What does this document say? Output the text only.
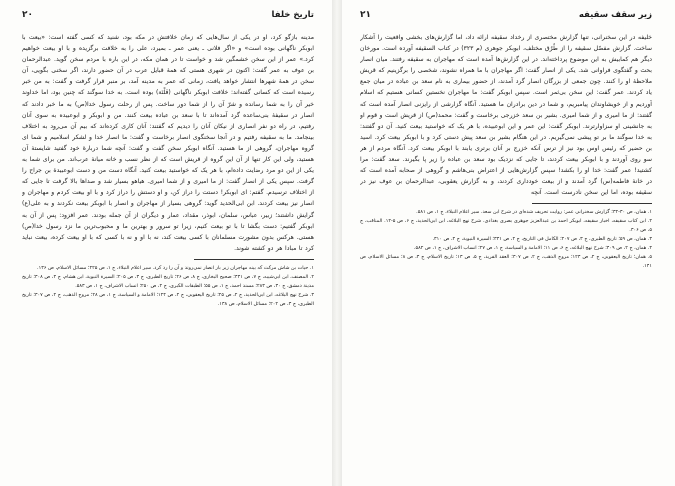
۲۰	تاریخ خلفا

مدینه بازگو کرد، او در یکی از سال‌هایی که زمان خلافتش در مکه بود، شنید که کسی گفته است: «بیعت با ابوبکر ناگهانی بوده است» و «اگر فلانی ـ یعنی عمر ـ بمیرد، علی را به خلافت برگزیده و با او بیعت خواهیم کرد.» عمر از این سخن خشمگین شد و خواست تا در همان مکه، در این باره با مردم سخن گوید. عبدالرحمان بن عوف به عمر گفت: اکنون در شهری هستی که همهٔ قبایل عرب در آن حضور دارند، اگر سخنی بگویی، آن سخن در همهٔ شهرها انتشار خواهد یافت، زمانی که عمر به مدینه آمد، بر منبر قرار گرفت و گفت: به من خبر رسیده است که کسانی گفته‌اند: خلافت ابوبکر ناگهانی (فَلْتَة) بوده است. به خدا سوگند که چنین بود، اما خداوند خیر آن را به شما رسانده و شرّ آن را از شما دور ساخت. پس از رحلت رسول خدا(ص) به ما خبر دادند که انصار در سقیفهٔ بنی‌ساعده گرد آمده‌اند تا با سعد بن عباده بیعت کنند. من و ابوبکر و ابوعبیده به سوی آنان رفتیم، در راه دو نفر انصاری از نیکان آنان را دیدیم که گفتند: آنان کاری کرده‌اند که بیم آن می‌رود به اختلاف بینجامد. ما به سقیفه رفتیم و در آنجا سخنگوی انصار برخاست و گفت: ما انصار خدا و لشکر اسلامیم و شما ای گروه مهاجران، گروهی از ما هستید. آنگاه ابوبکر سخن گفت و گفت: آنچه شما دربارهٔ خود گفتید شایستهٔ آن هستید، ولی این کار تنها از آن این گروه از قریش است که از نظر نسب و خانه میانهٔ عرب‌اند. من برای شما به یکی از این دو مرد رضایت داده‌ام، با هر یک که خواستید بیعت کنید. آنگاه دست من و دست ابوعبیدة بن جراح را گرفت. سپس یکی از انصار گفت: از ما امیری و از شما امیری. هیاهو بسیار شد و صداها بالا گرفت تا جایی که از اختلاف ترسیدم. گفتم: ای ابوبکر! دستت را دراز کن، و او دستش را دراز کرد و با او بیعت کردم و مهاجران و انصار نیز بیعت کردند. ابن ابی‌الحدید گوید: گروهی بسیار از مهاجران و انصار با ابوبکر بیعت نکردند و به علی(ع) گرایش داشتند؛ زبیر، عباس، سلمان، ابوذر، مقداد، عمار و دیگران از آن جمله بودند. عمر افزود: پس از آن به ابوبکر گفتیم: دست بگشا تا با تو بیعت کنیم، زیرا تو سرور و بهترین ما و محبوب‌ترین ما نزد رسول خدا(ص) هستی. هرکس بدون مشورت مسلمانان با کسی بیعت کند، نه با او و نه با کسی که با او بیعت کرده، بیعت نباید کرد تا مبادا هر دو کشته شوند.

۱. حیات بن شاش مرکث که بینه مهاجران زیر بار انصار نمی‌روند و آن را رد کرد. سیر اعلام النبلاء، ج ۱، ص ۲۲۵؛ مسائل الاسلام، ص ۱۳۶.

۲. المصنف، ابن ابی‌شیبه، ج ۷، ص ۴۳۱؛ صحیح البخاری، ج ۸، ص ۲۶؛ تاریخ الطبری، ج ۳، ص ۲۰۵؛ السیرة النبویة، ابن هشام، ج ۴، ص ۳۰۸؛ تاریخ مدینة دمشق، ج ۳۰، ص ۲۸۳؛ مسند احمد، ج ۱، ص ۵۵؛ الطبقات الکبری، ج ۲، ص ۲۵۰؛ انساب الاشراف، ج ۱، ص ۵۸۳.

۳. شرح نهج البلاغه، ابن ابی‌الحدید، ج ۲، ص ۲۵؛ تاریخ الیعقوبی، ج ۲، ص ۱۲۴؛ الامامة و السیاسة، ج ۱، ص ۲۸؛ مروج الذهب، ج ۲، ص ۳۰۷؛ تاریخ الطبری، ج ۳، ص ۲۰۲؛ مسائل الاسلام، ص ۱۳۸.

۲۱	زیر سقف سقیفه

خلیفه در این سخنرانی، تنها گزارش مختصری از رخداد سقیفه ارائه داد، اما گزارش‌های بخشی واقعیت را آشکار ساخت. گزارش مفصّل سقیفه را از طُرُق مختلف، ابوبکر جوهری (م ۳۲۳) در کتاب السقیفه آورده است. مورخان دیگر هم کمابیش به این موضوع پرداخته‌اند. در این گزارش‌ها آمده است که مهاجران به سقیفه رفتند. میان انصار بحث و گفتگوی فراوانی شد. یکی از انصار گفت: اگر مهاجران با ما همراه نشوند، شخصی را برگزینیم که قریش ملاحظهٔ او را کنند. چون جمعی از بزرگان انصار گرد آمدند، از حضور بیماری به نام سعد بن عباده در میان جمع یاد کردند. عمر گفت: این سخن بی‌ثمر است. سپس ابوبکر گفت: ما مهاجران نخستین کسانی هستیم که اسلام آوردیم و از خویشاوندان پیامبریم، و شما در دین برادران ما هستید. آنگاه گزارشی از رایزنی انصار آمده است که گفتند: از ما امیری و از شما امیری. بشیر بن سعد خزرجی برخاست و گفت: محمد(ص) از قریش است و قوم او به جانشینی او سزاوارترند. ابوبکر گفت: این عمر و این ابوعبیده، با هر یک که خواستید بیعت کنید. آن دو گفتند: به خدا سوگند ما بر تو پیشی نمی‌گیریم. در این هنگام بشیر بن سعد پیش دستی کرد و با ابوبکر بیعت کرد. اسید بن حضیر که رئیس اوس بود نیز از ترس آنکه خزرج بر آنان برتری یابند با ابوبکر بیعت کرد. آنگاه مردم از هر سو روی آوردند و با ابوبکر بیعت کردند، تا جایی که نزدیک بود سعد بن عباده را زیر پا بگیرند. سعد گفت: مرا کشتید! عمر گفت: خدا او را بکشد! سپس گزارش‌هایی از اعتراض بنی‌هاشم و گروهی از صحابه آمده است که در خانهٔ فاطمه(س) گرد آمدند و از بیعت خودداری کردند، و به گزارش یعقوبی، عبدالرحمان بن عوف نیز در سقیفه بوده، اما این سخن نادرست است. آنچه

۱. همان، ص ۳۰-۳۲؛ گزارش سخنرانی عمر: روایت تحریف شده‌ای در شرح ابن سعد. سیر اعلام النبلاء، ج ۱، ص ۵۸۱.

۲. ابن کتاب سقیفه، اخبار سقیفه، ابوبکر احمد بن عبدالعزیز جوهری بصری بغدادی. شرح نهج البلاغه، ابن ابی‌الحدید، ج ۶، ص ۵-۱۲. المناقب، ج ۵، ص ۳۰۶.

۳. همان، ص ۵۹؛ تاریخ الطبری، ج ۳، ص ۲۰۷؛ الکامل فی التاریخ، ج ۲، ص ۳۳۱؛ السیرة النبویة، ج ۴، ص ۳۱۰.

۴. همان، ج ۲، ص ۴۰۹؛ شرح نهج البلاغه، ج ۶، ص ۱۱؛ الامامة و السیاسة، ج ۱، ص ۲۷؛ انساب الاشراف، ج ۱، ص ۵۸۲.

۵. همان؛ تاریخ الیعقوبی، ج ۲، ص ۱۲۳؛ مروج الذهب، ج ۲، ص ۳۰۷؛ العقد الفرید، ج ۵، ص ۱۳؛ تاریخ الاسلام، ج ۳، ص ۸؛ مسائل الاسلام، ص ۱۴۱.
